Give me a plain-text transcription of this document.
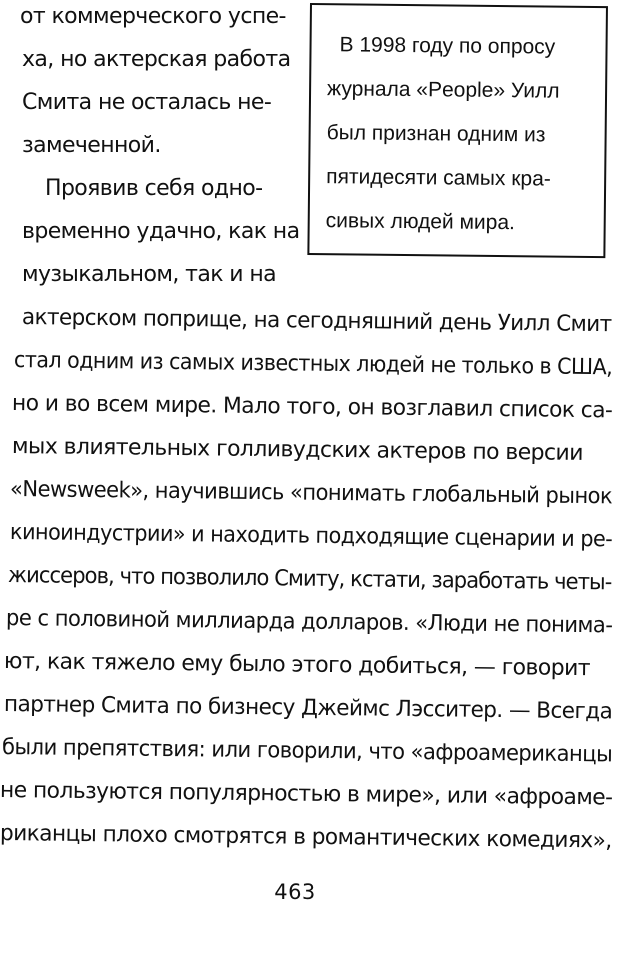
от коммерческого успе-
ха, но актерская работа
Смита не осталась не-
замеченной.
Проявив себя одно-
временно удачно, как на
музыкальном, так и на
актерском поприще, на сегодняшний день Уилл Смит
стал одним из самых известных людей не только в США,
но и во всем мире. Мало того, он возглавил список са-
мых влиятельных голливудских актеров по версии
«Newsweek», научившись «понимать глобальный рынок
киноиндустрии» и находить подходящие сценарии и ре-
жиссеров, что позволило Смиту, кстати, заработать четы-
ре с половиной миллиарда долларов. «Люди не понима-
ют, как тяжело ему было этого добиться, — говорит
партнер Смита по бизнесу Джеймс Лэсситер. — Всегда
были препятствия: или говорили, что «афроамериканцы
не пользуются популярностью в мире», или «афроаме-
риканцы плохо смотрятся в романтических комедиях»,
В 1998 году по опросу
журнала «People» Уилл
был признан одним из
пятидесяти самых кра-
сивых людей мира.
463
